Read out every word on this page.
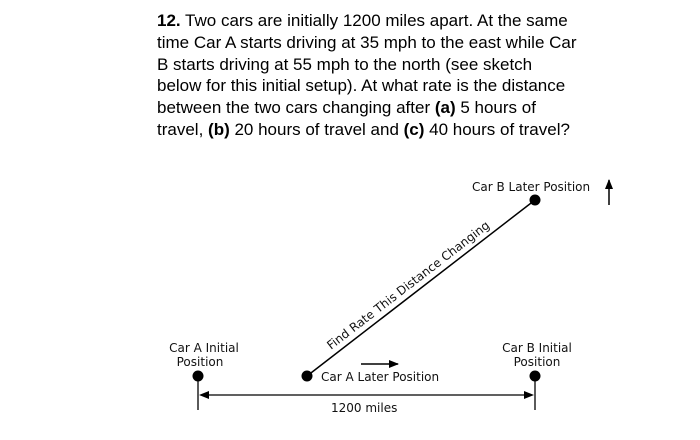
12. Two cars are initially 1200 miles apart. At the same time Car A starts driving at 35 mph to the east while Car B starts driving at 55 mph to the north (see sketch below for this initial setup). At what rate is the distance between the two cars changing after (a) 5 hours of travel, (b) 20 hours of travel and (c) 40 hours of travel?

Car B Later Position
Find Rate This Distance Changing
Car A Initial
Position
Car B Initial
Position
Car A Later Position
1200 miles
